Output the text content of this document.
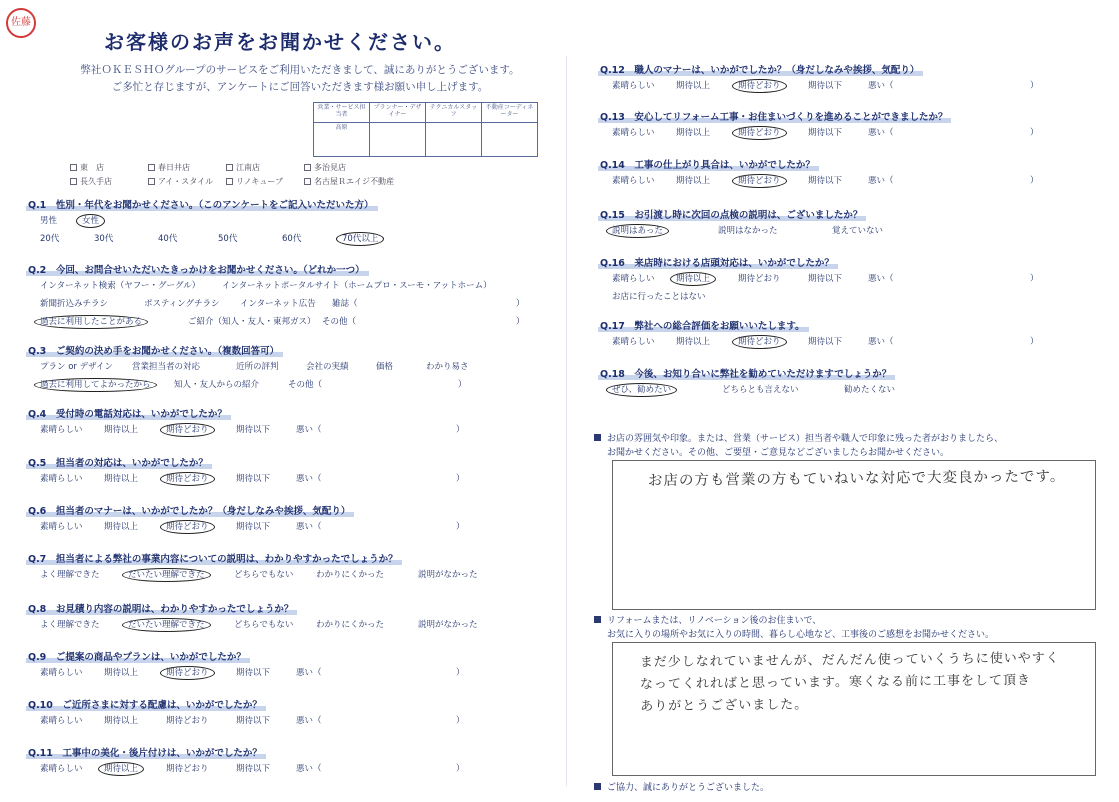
佐藤
お客様のお声をお聞かせください。
弊社ＯＫＥＳＨＯグループのサービスをご利用いただきまして、誠にありがとうございます。
ご多忙と存じますが、アンケートにご回答いただきます様お願い申し上げます。
営業・サービス担当者	プランナー・デザイナー	テクニカルスタッフ	不動産コーディネーター
高原			
東　店	春日井店	江南店	多治見店
長久手店	アイ・スタイル	リノキューブ	名古屋Ｒエイジ不動産
Q.1　 性別・年代をお聞かせください。（このアンケートをご記入いただいた方）
男性	女性
20代	30代	40代	50代	60代	70代以上
Q.2　 今回、お問合せいただいたきっかけをお聞かせください。（どれか一つ）
インターネット検索（ヤフー・グーグル）	インターネットポータルサイト（ホームプロ・スーモ・アットホーム）
新聞折込みチラシ	ポスティングチラシ インターネット広告 雑誌（	）
過去に利用したことがある	ご紹介（知人・友人・東邦ガス） その他（	）
Q.3　 ご契約の決め手をお聞かせください。（複数回答可）
プラン or デザイン 営業担当者の対応	近所の評判	会社の実績	価格	わかり易さ
過去に利用してよかったから	知人・友人からの紹介	その他（	）
Q.4　 受付時の電話対応は、いかがでしたか？
素晴らしい	期待以上	期待どおり	期待以下	悪い（	）
Q.5　 担当者の対応は、いかがでしたか？
素晴らしい	期待以上	期待どおり	期待以下	悪い（	）
Q.6　 担当者のマナーは、いかがでしたか？（身だしなみや挨拶、気配り）
素晴らしい	期待以上	期待どおり	期待以下	悪い（	）
Q.7　 担当者による弊社の事業内容についての説明は、わかりやすかったでしょうか？
よく理解できた	だいたい理解できた	どちらでもない	わかりにくかった	説明がなかった
Q.8　 お見積り内容の説明は、わかりやすかったでしょうか？
よく理解できた	だいたい理解できた	どちらでもない	わかりにくかった	説明がなかった
Q.9　 ご提案の商品やプランは、いかがでしたか？
素晴らしい	期待以上	期待どおり	期待以下	悪い（	）
Q.10　 ご近所さまに対する配慮は、いかがでしたか？
素晴らしい	期待以上	期待どおり	期待以下	悪い（	）
Q.11　 工事中の美化・後片付けは、いかがでしたか？
素晴らしい	期待以上	期待どおり	期待以下	悪い（	）
Q.12　 職人のマナーは、いかがでしたか？（身だしなみや挨拶、気配り）
素晴らしい	期待以上	期待どおり	期待以下	悪い（	）
Q.13　 安心してリフォーム工事・お住まいづくりを進めることができましたか？
素晴らしい	期待以上	期待どおり	期待以下	悪い（	）
Q.14　 工事の仕上がり具合は、いかがでしたか？
素晴らしい	期待以上	期待どおり	期待以下	悪い（	）
Q.15　 お引渡し時に次回の点検の説明は、ございましたか？
説明はあった	説明はなかった	覚えていない
Q.16　 来店時における店頭対応は、いかがでしたか？
素晴らしい	期待以上	期待どおり	期待以下	悪い（	）
お店に行ったことはない
Q.17　 弊社への総合評価をお願いいたします。
素晴らしい	期待以上	期待どおり	期待以下	悪い（	）
Q.18　 今後、お知り合いに弊社を勧めていただけますでしょうか？
ぜひ、勧めたい	どちらとも言えない	勧めたくない
お店の雰囲気や印象。または、営業（サービス）担当者や職人で印象に残った者がおりましたら、
お聞かせください。その他、ご要望・ご意見などございましたらお聞かせください。
お店の方も営業の方もていねいな対応で大変良かったです。
リフォームまたは、リノベーション後のお住まいで、
お気に入りの場所やお気に入りの時間、暮らし心地など、工事後のご感想をお聞かせください。
まだ少しなれていませんが、だんだん使っていくうちに使いやすく
なってくれればと思っています。寒くなる前に工事をして頂き
ありがとうございました。
ご協力、誠にありがとうございました。
